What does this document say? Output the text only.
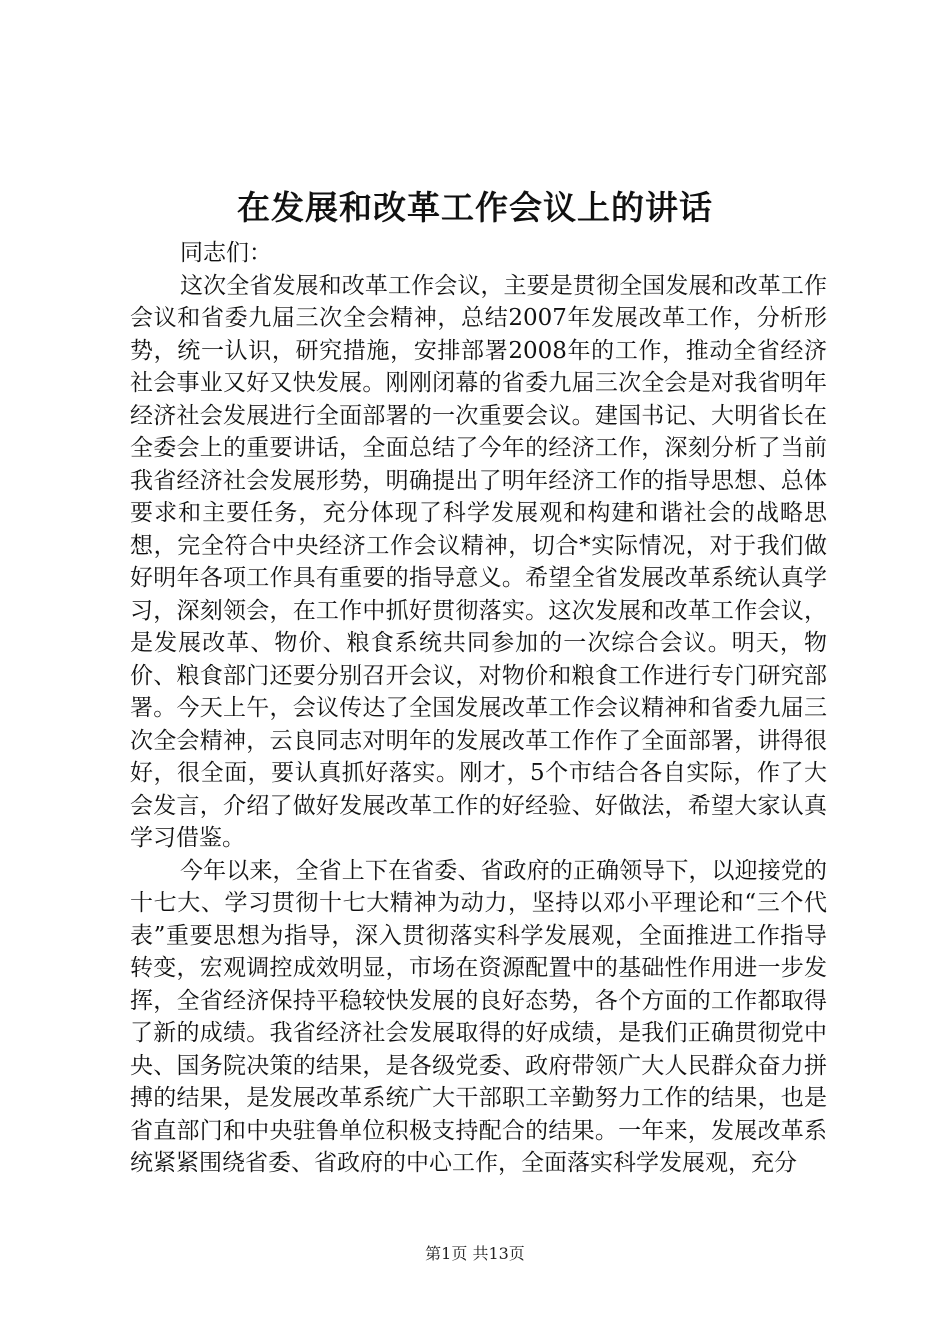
在发展和改革工作会议上的讲话

同志们：

这次全省发展和改革工作会议，主要是贯彻全国发展和改革工作会议和省委九届三次全会精神，总结2007年发展改革工作，分析形势，统一认识，研究措施，安排部署2008年的工作，推动全省经济社会事业又好又快发展。刚刚闭幕的省委九届三次全会是对我省明年经济社会发展进行全面部署的一次重要会议。建国书记、大明省长在全委会上的重要讲话，全面总结了今年的经济工作，深刻分析了当前我省经济社会发展形势，明确提出了明年经济工作的指导思想、总体要求和主要任务，充分体现了科学发展观和构建和谐社会的战略思想，完全符合中央经济工作会议精神，切合*实际情况，对于我们做好明年各项工作具有重要的指导意义。希望全省发展改革系统认真学习，深刻领会，在工作中抓好贯彻落实。这次发展和改革工作会议，是发展改革、物价、粮食系统共同参加的一次综合会议。明天，物价、粮食部门还要分别召开会议，对物价和粮食工作进行专门研究部署。今天上午，会议传达了全国发展改革工作会议精神和省委九届三次全会精神，云良同志对明年的发展改革工作作了全面部署，讲得很好，很全面，要认真抓好落实。刚才，5个市结合各自实际，作了大会发言，介绍了做好发展改革工作的好经验、好做法，希望大家认真学习借鉴。

今年以来，全省上下在省委、省政府的正确领导下，以迎接党的十七大、学习贯彻十七大精神为动力，坚持以邓小平理论和“三个代表”重要思想为指导，深入贯彻落实科学发展观，全面推进工作指导转变，宏观调控成效明显，市场在资源配置中的基础性作用进一步发挥，全省经济保持平稳较快发展的良好态势，各个方面的工作都取得了新的成绩。我省经济社会发展取得的好成绩，是我们正确贯彻党中央、国务院决策的结果，是各级党委、政府带领广大人民群众奋力拼搏的结果，是发展改革系统广大干部职工辛勤努力工作的结果，也是省直部门和中央驻鲁单位积极支持配合的结果。一年来，发展改革系统紧紧围绕省委、省政府的中心工作，全面落实科学发展观，充分

第1页 共13页
